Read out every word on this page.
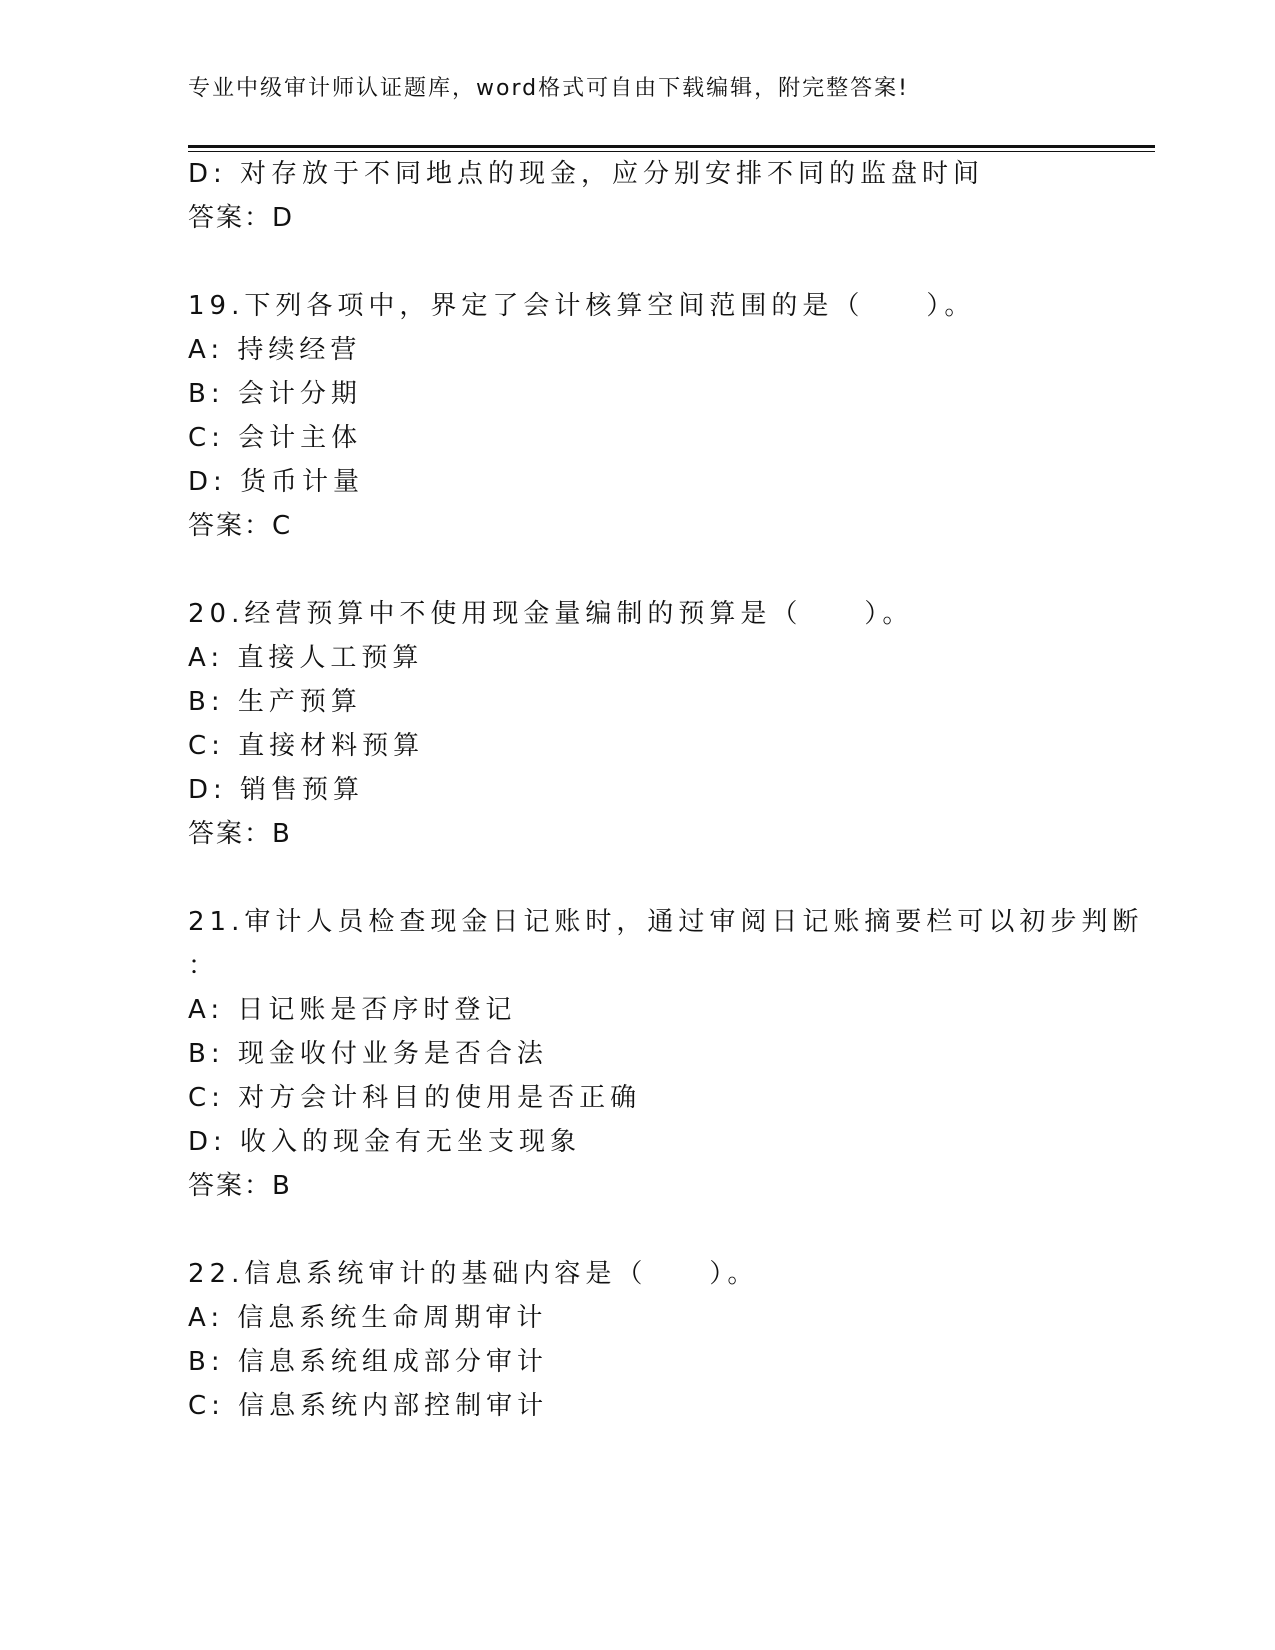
专业中级审计师认证题库，word格式可自由下载编辑，附完整答案!
D: 对存放于不同地点的现金，应分别安排不同的监盘时间
答案：D
19.下列各项中，界定了会计核算空间范围的是（　　）。
A: 持续经营
B: 会计分期
C: 会计主体
D: 货币计量
答案：C
20.经营预算中不使用现金量编制的预算是（　　）。
A: 直接人工预算
B: 生产预算
C: 直接材料预算
D: 销售预算
答案：B
21.审计人员检查现金日记账时，通过审阅日记账摘要栏可以初步判断
：
A: 日记账是否序时登记
B: 现金收付业务是否合法
C: 对方会计科目的使用是否正确
D: 收入的现金有无坐支现象
答案：B
22.信息系统审计的基础内容是（　　）。
A: 信息系统生命周期审计
B: 信息系统组成部分审计
C: 信息系统内部控制审计
